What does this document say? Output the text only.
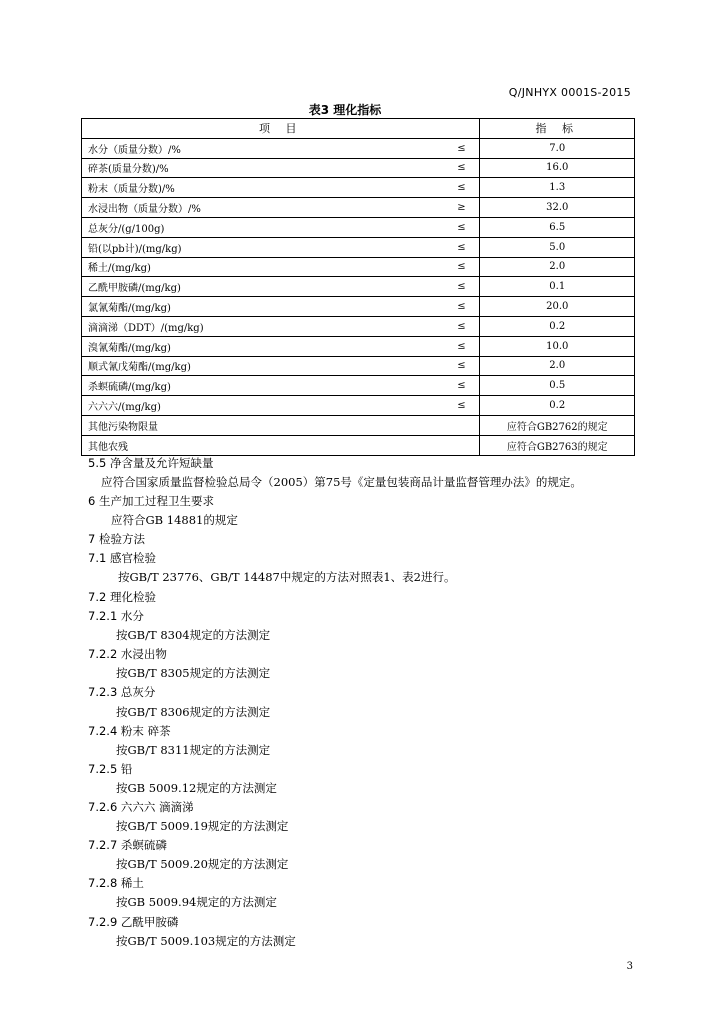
Q/JNHYX 0001S-2015
表3 理化指标
项 目		指 标
水分（质量分数）/%	≤	7.0
碎茶(质量分数)/%	≤	16.0
粉末（质量分数)/%	≤	1.3
水浸出物（质量分数）/%	≥	32.0
总灰分/(g/100g)	≤	6.5
铅(以pb计)/(mg/kg)	≤	5.0
稀土/(mg/kg)	≤	2.0
乙酰甲胺磷/(mg/kg)	≤	0.1
氯氰菊酯/(mg/kg)	≤	20.0
滴滴涕（DDT）/(mg/kg)	≤	0.2
溴氰菊酯/(mg/kg)	≤	10.0
顺式氰戊菊酯/(mg/kg)	≤	2.0
杀螟硫磷/(mg/kg)	≤	0.5
六六六/(mg/kg)	≤	0.2
其他污染物限量		应符合GB2762的规定
其他农残		应符合GB2763的规定
5.5 净含量及允许短缺量
应符合国家质量监督检验总局令（2005）第75号《定量包装商品计量监督管理办法》的规定。
6 生产加工过程卫生要求
应符合GB 14881的规定
7 检验方法
7.1 感官检验
按GB/T 23776、GB/T 14487中规定的方法对照表1、表2进行。
7.2 理化检验
7.2.1 水分
按GB/T 8304规定的方法测定
7.2.2 水浸出物
按GB/T 8305规定的方法测定
7.2.3 总灰分
按GB/T 8306规定的方法测定
7.2.4 粉末 碎茶
按GB/T 8311规定的方法测定
7.2.5 铅
按GB 5009.12规定的方法测定
7.2.6 六六六 滴滴涕
按GB/T 5009.19规定的方法测定
7.2.7 杀螟硫磷
按GB/T 5009.20规定的方法测定
7.2.8 稀土
按GB 5009.94规定的方法测定
7.2.9 乙酰甲胺磷
按GB/T 5009.103规定的方法测定
3
